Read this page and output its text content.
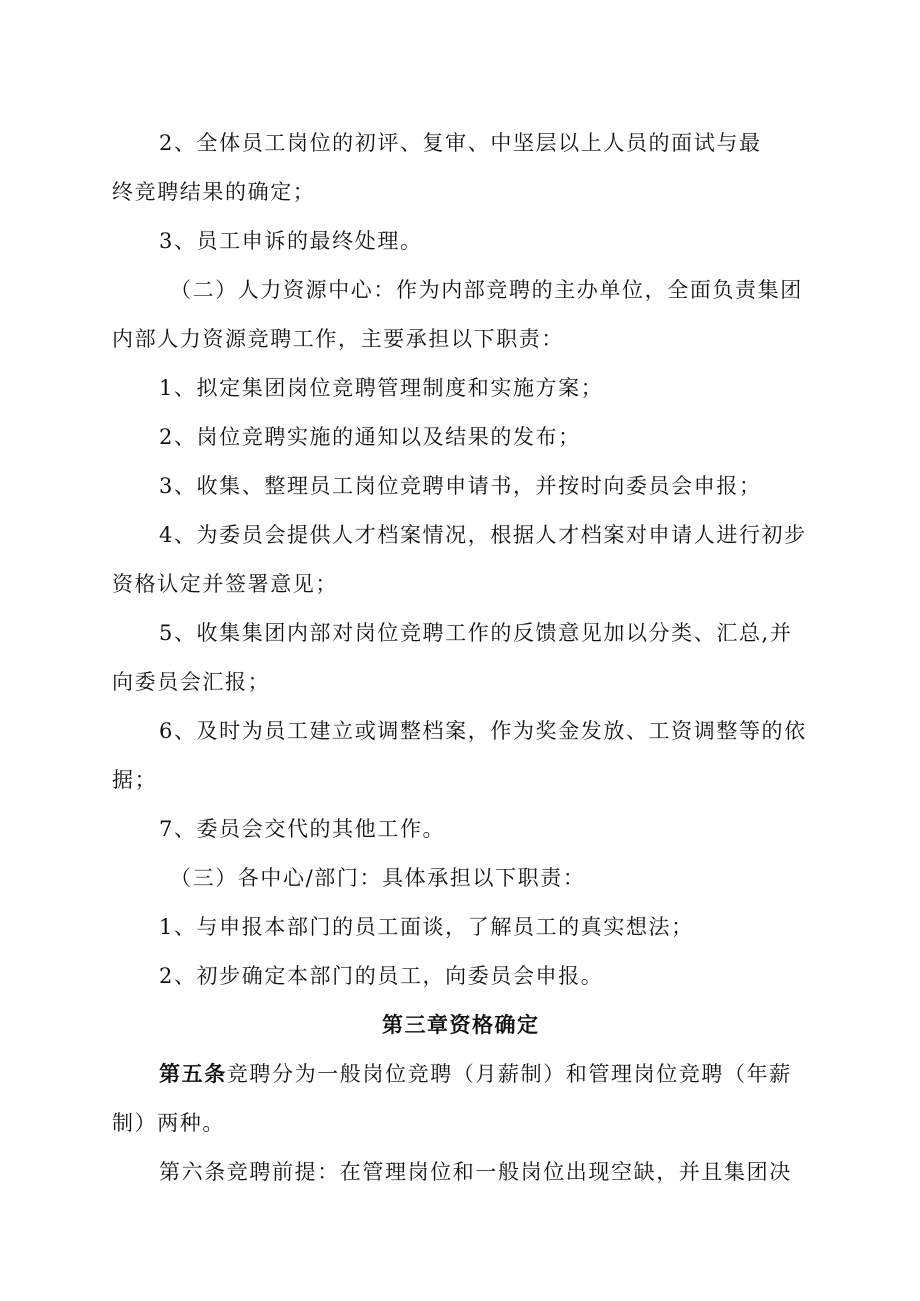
2、全体员工岗位的初评、复审、中坚层以上人员的面试与最
终竞聘结果的确定；
3、员工申诉的最终处理。
（二）人力资源中心：作为内部竞聘的主办单位，全面负责集团
内部人力资源竞聘工作，主要承担以下职责：
1、拟定集团岗位竞聘管理制度和实施方案；
2、岗位竞聘实施的通知以及结果的发布；
3、收集、整理员工岗位竞聘申请书，并按时向委员会申报；
4、为委员会提供人才档案情况，根据人才档案对申请人进行初步
资格认定并签署意见；
5、收集集团内部对岗位竞聘工作的反馈意见加以分类、汇总,并
向委员会汇报；
6、及时为员工建立或调整档案，作为奖金发放、工资调整等的依
据；
7、委员会交代的其他工作。
（三）各中心/部门：具体承担以下职责：
1、与申报本部门的员工面谈，了解员工的真实想法；
2、初步确定本部门的员工，向委员会申报。
第三章资格确定
第五条竞聘分为一般岗位竞聘（月薪制）和管理岗位竞聘（年薪
制）两种。
第六条竞聘前提：在管理岗位和一般岗位出现空缺，并且集团决
